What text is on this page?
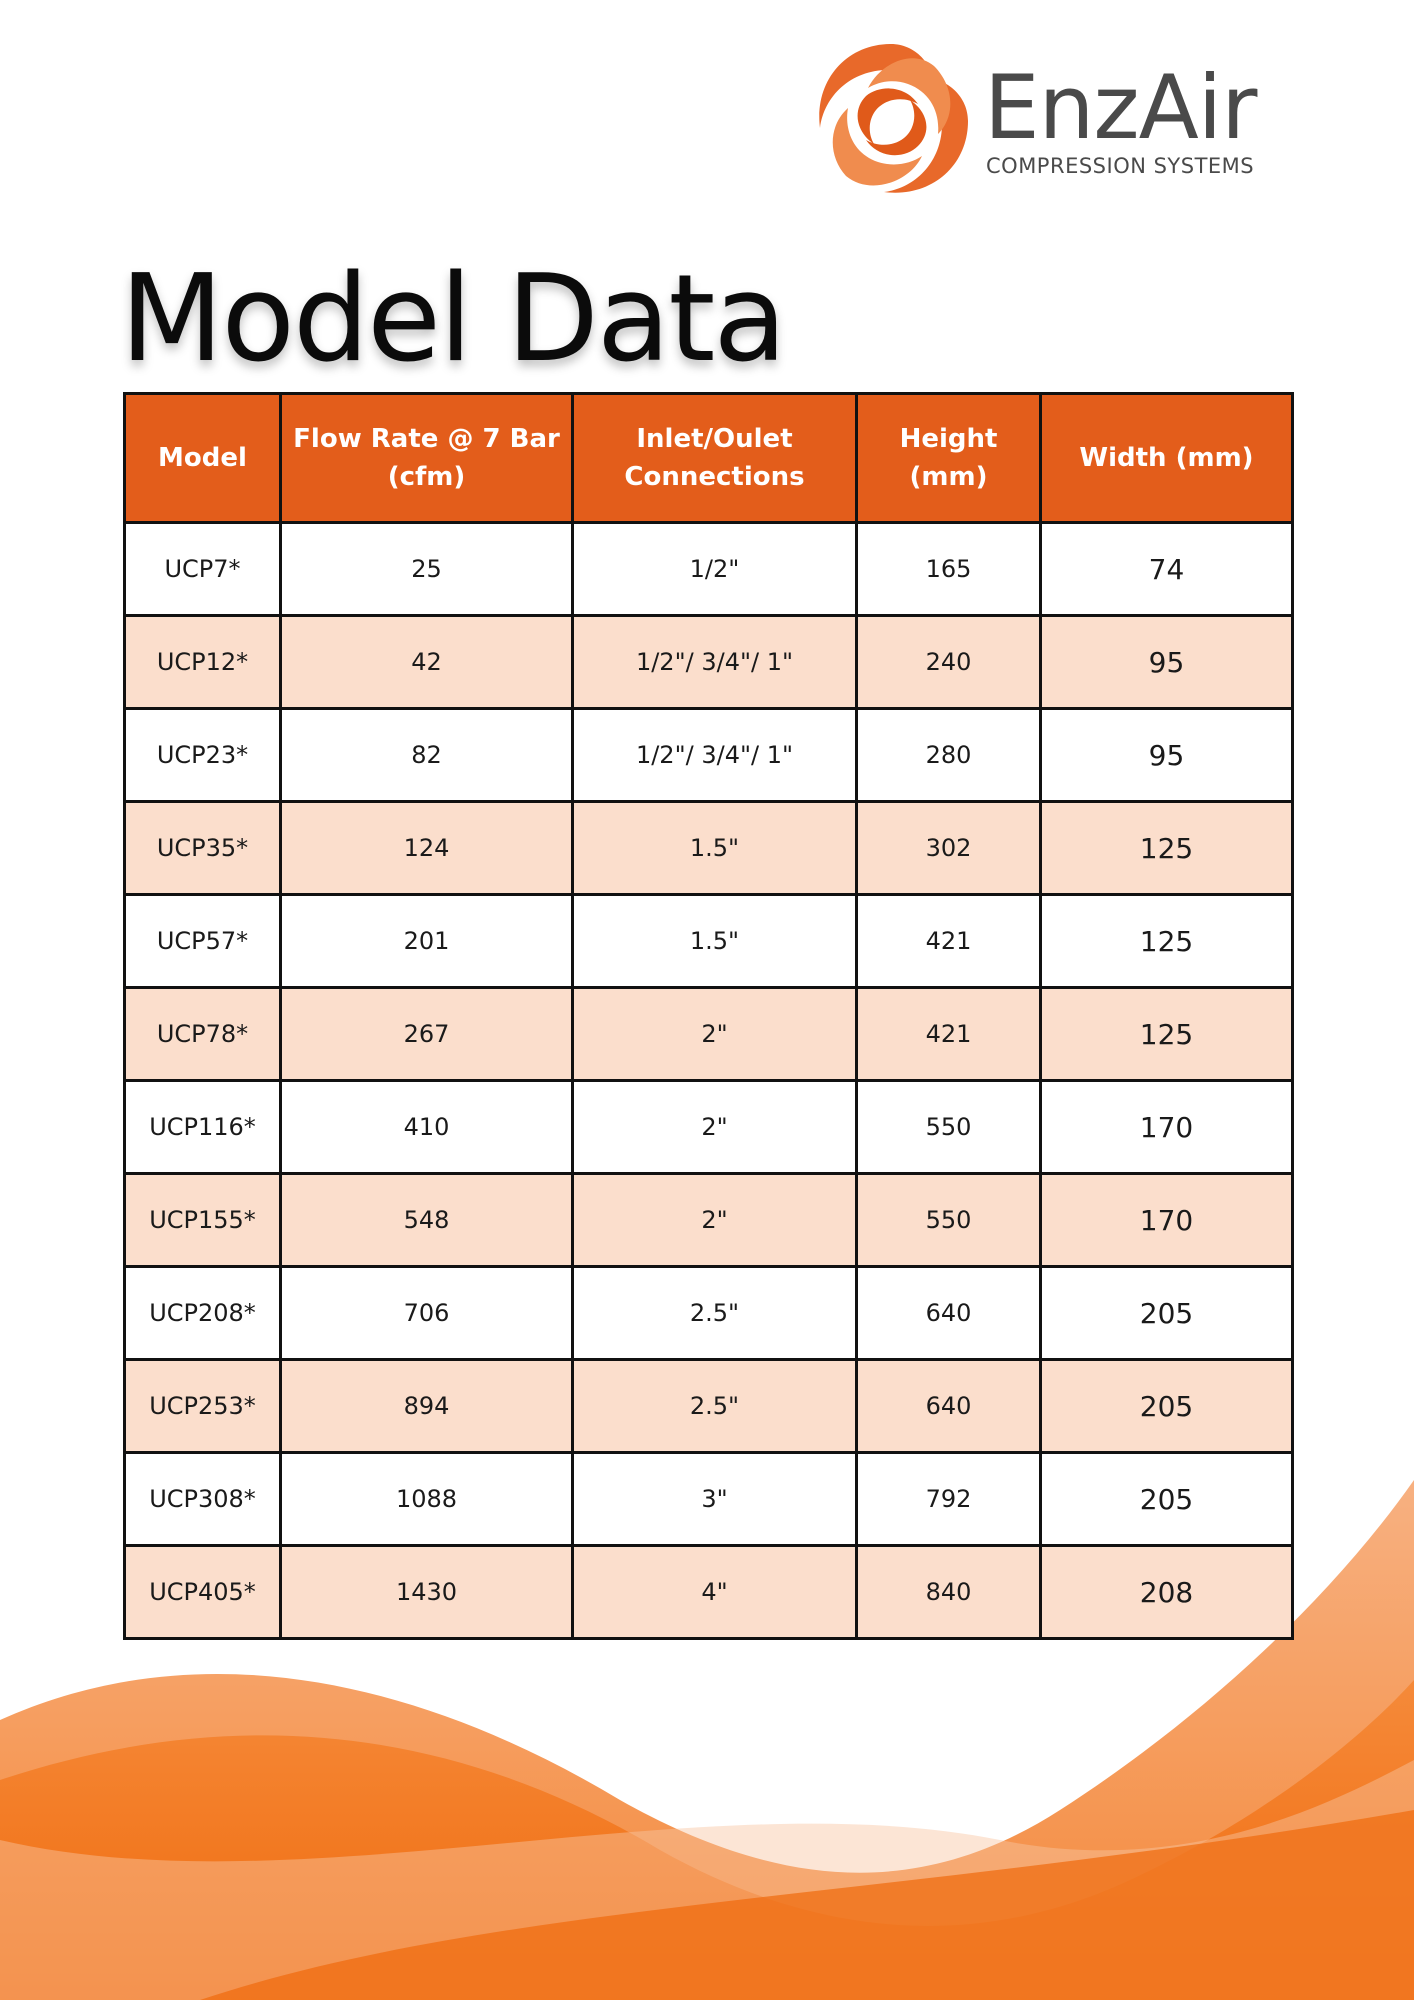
EnzAir
COMPRESSION SYSTEMS
Model Data
Model	Flow Rate @ 7 Bar (cfm)	Inlet/Oulet Connections	Height (mm)	Width (mm)
UCP7*	25	1/2"	165	74
UCP12*	42	1/2"/ 3/4"/ 1"	240	95
UCP23*	82	1/2"/ 3/4"/ 1"	280	95
UCP35*	124	1.5"	302	125
UCP57*	201	1.5"	421	125
UCP78*	267	2"	421	125
UCP116*	410	2"	550	170
UCP155*	548	2"	550	170
UCP208*	706	2.5"	640	205
UCP253*	894	2.5"	640	205
UCP308*	1088	3"	792	205
UCP405*	1430	4"	840	208
